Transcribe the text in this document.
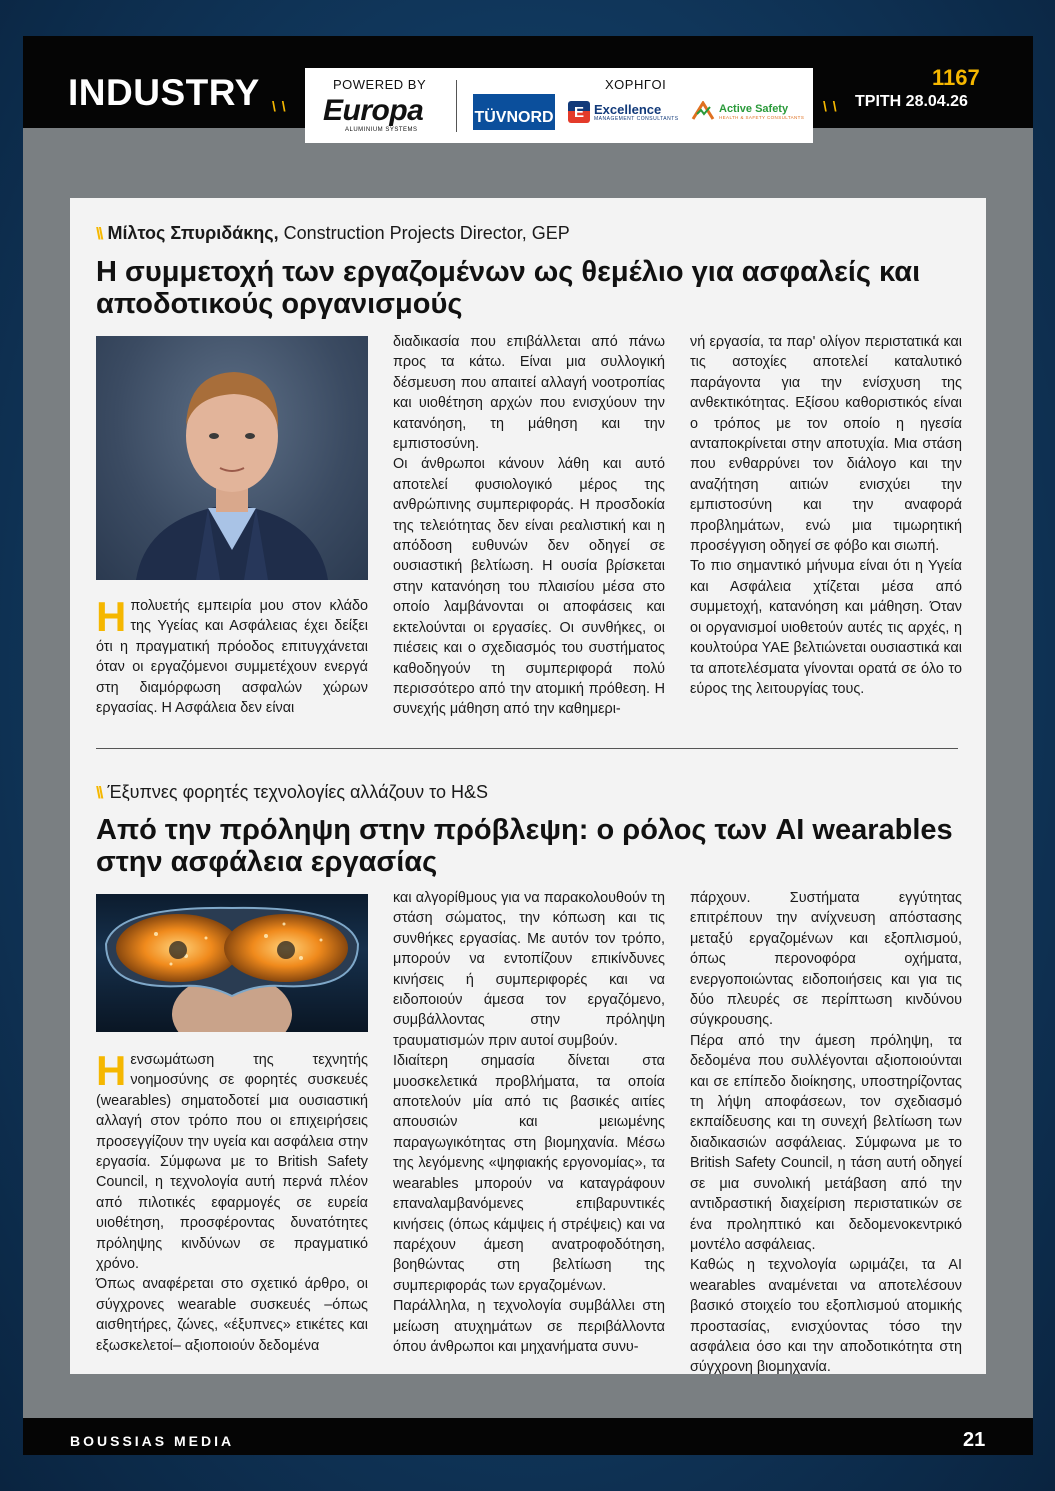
INDUSTRY \ \	\ \
POWERED BY
Europa
ALUMINIUM SYSTEMS
ΧΟΡΗΓΟΙ
TÜVNORD	E Excellence
MANAGEMENT CONSULTANTS
Active Safety
HEALTH & SAFETY CONSULTANTS
1167
ΤΡΙΤΗ 28.04.26
\\ Μίλτος Σπυριδάκης, Construction Projects Director, GEP
Η συμμετοχή των εργαζομένων ως θεμέλιο για ασφαλείς και αποδοτικούς οργανισμούς

Ηπολυετής εμπειρία μου στον κλάδο της Υγείας και Ασφάλειας έχει δείξει ότι η πραγματική πρόοδος επιτυγχάνεται όταν οι εργαζόμενοι συμμετέχουν ενεργά στη διαμόρφωση ασφαλών χώρων εργασίας. Η Ασφάλεια δεν είναι

διαδικασία που επιβάλλεται από πάνω προς τα κάτω. Είναι μια συλλογική δέσμευση που απαιτεί αλλαγή νοοτροπίας και υιοθέτηση αρχών που ενισχύουν την κατανόηση, τη μάθηση και την εμπιστοσύνη.

Οι άνθρωποι κάνουν λάθη και αυτό αποτελεί φυσιολογικό μέρος της ανθρώπινης συμπεριφοράς. Η προσδοκία της τελειότητας δεν είναι ρεαλιστική και η απόδοση ευθυνών δεν οδηγεί σε ουσιαστική βελτίωση. Η ουσία βρίσκεται στην κατανόηση του πλαισίου μέσα στο οποίο λαμβάνονται οι αποφάσεις και εκτελούνται οι εργασίες. Οι συνθήκες, οι πιέσεις και ο σχεδιασμός του συστήματος καθοδηγούν τη συμπεριφορά πολύ περισσότερο από την ατομική πρόθεση. Η συνεχής μάθηση από την καθημερι-

νή εργασία, τα παρ' ολίγον περιστατικά και τις αστοχίες αποτελεί καταλυτικό παράγοντα για την ενίσχυση της ανθεκτικότητας. Εξίσου καθοριστικός είναι ο τρόπος με τον οποίο η ηγεσία ανταποκρίνεται στην αποτυχία. Μια στάση που ενθαρρύνει τον διάλογο και την αναζήτηση αιτιών ενισχύει την εμπιστοσύνη και την αναφορά προβλημάτων, ενώ μια τιμωρητική προσέγγιση οδηγεί σε φόβο και σιωπή.

Το πιο σημαντικό μήνυμα είναι ότι η Υγεία και Ασφάλεια χτίζεται μέσα από συμμετοχή, κατανόηση και μάθηση. Όταν οι οργανισμοί υιοθετούν αυτές τις αρχές, η κουλτούρα ΥΑΕ βελτιώνεται ουσιαστικά και τα αποτελέσματα γίνονται ορατά σε όλο το εύρος της λειτουργίας τους.

\\ Έξυπνες φορητές τεχνολογίες αλλάζουν το H&S
Από την πρόληψη στην πρόβλεψη: ο ρόλος των AI wearables στην ασφάλεια εργασίας

Ηενσωμάτωση της τεχνητής νοημοσύνης σε φορητές συσκευές (wearables) σηματοδοτεί μια ουσιαστική αλλαγή στον τρόπο που οι επιχειρήσεις προσεγγίζουν την υγεία και ασφάλεια στην εργασία. Σύμφωνα με το British Safety Council, η τεχνολογία αυτή περνά πλέον από πιλοτικές εφαρμογές σε ευρεία υιοθέτηση, προσφέροντας δυνατότητες πρόληψης κινδύνων σε πραγματικό χρόνο.

Όπως αναφέρεται στο σχετικό άρθρο, οι σύγχρονες wearable συσκευές –όπως αισθητήρες, ζώνες, «έξυπνες» ετικέτες και εξωσκελετοί– αξιοποιούν δεδομένα

και αλγορίθμους για να παρακολουθούν τη στάση σώματος, την κόπωση και τις συνθήκες εργασίας. Με αυτόν τον τρόπο, μπορούν να εντοπίζουν επικίνδυνες κινήσεις ή συμπεριφορές και να ειδοποιούν άμεσα τον εργαζόμενο, συμβάλλοντας στην πρόληψη τραυματισμών πριν αυτοί συμβούν.

Ιδιαίτερη σημασία δίνεται στα μυοσκελετικά προβλήματα, τα οποία αποτελούν μία από τις βασικές αιτίες απουσιών και μειωμένης παραγωγικότητας στη βιομηχανία. Μέσω της λεγόμενης «ψηφιακής εργονομίας», τα wearables μπορούν να καταγράφουν επαναλαμβανόμενες επιβαρυντικές κινήσεις (όπως κάμψεις ή στρέψεις) και να παρέχουν άμεση ανατροφοδότηση, βοηθώντας στη βελτίωση της συμπεριφοράς των εργαζομένων.

Παράλληλα, η τεχνολογία συμβάλλει στη μείωση ατυχημάτων σε περιβάλλοντα όπου άνθρωποι και μηχανήματα συνυ-

πάρχουν. Συστήματα εγγύτητας επιτρέπουν την ανίχνευση απόστασης μεταξύ εργαζομένων και εξοπλισμού, όπως περονοφόρα οχήματα, ενεργοποιώντας ειδοποιήσεις και για τις δύο πλευρές σε περίπτωση κινδύνου σύγκρουσης.

Πέρα από την άμεση πρόληψη, τα δεδομένα που συλλέγονται αξιοποιούνται και σε επίπεδο διοίκησης, υποστηρίζοντας τη λήψη αποφάσεων, τον σχεδιασμό εκπαίδευσης και τη συνεχή βελτίωση των διαδικασιών ασφάλειας. Σύμφωνα με το British Safety Council, η τάση αυτή οδηγεί σε μια συνολική μετάβαση από την αντιδραστική διαχείριση περιστατικών σε ένα προληπτικό και δεδομενοκεντρικό μοντέλο ασφάλειας.

Καθώς η τεχνολογία ωριμάζει, τα AI wearables αναμένεται να αποτελέσουν βασικό στοιχείο του εξοπλισμού ατομικής προστασίας, ενισχύοντας τόσο την ασφάλεια όσο και την αποδοτικότητα στη σύγχρονη βιομηχανία.

BOUSSIAS MEDIA	21
